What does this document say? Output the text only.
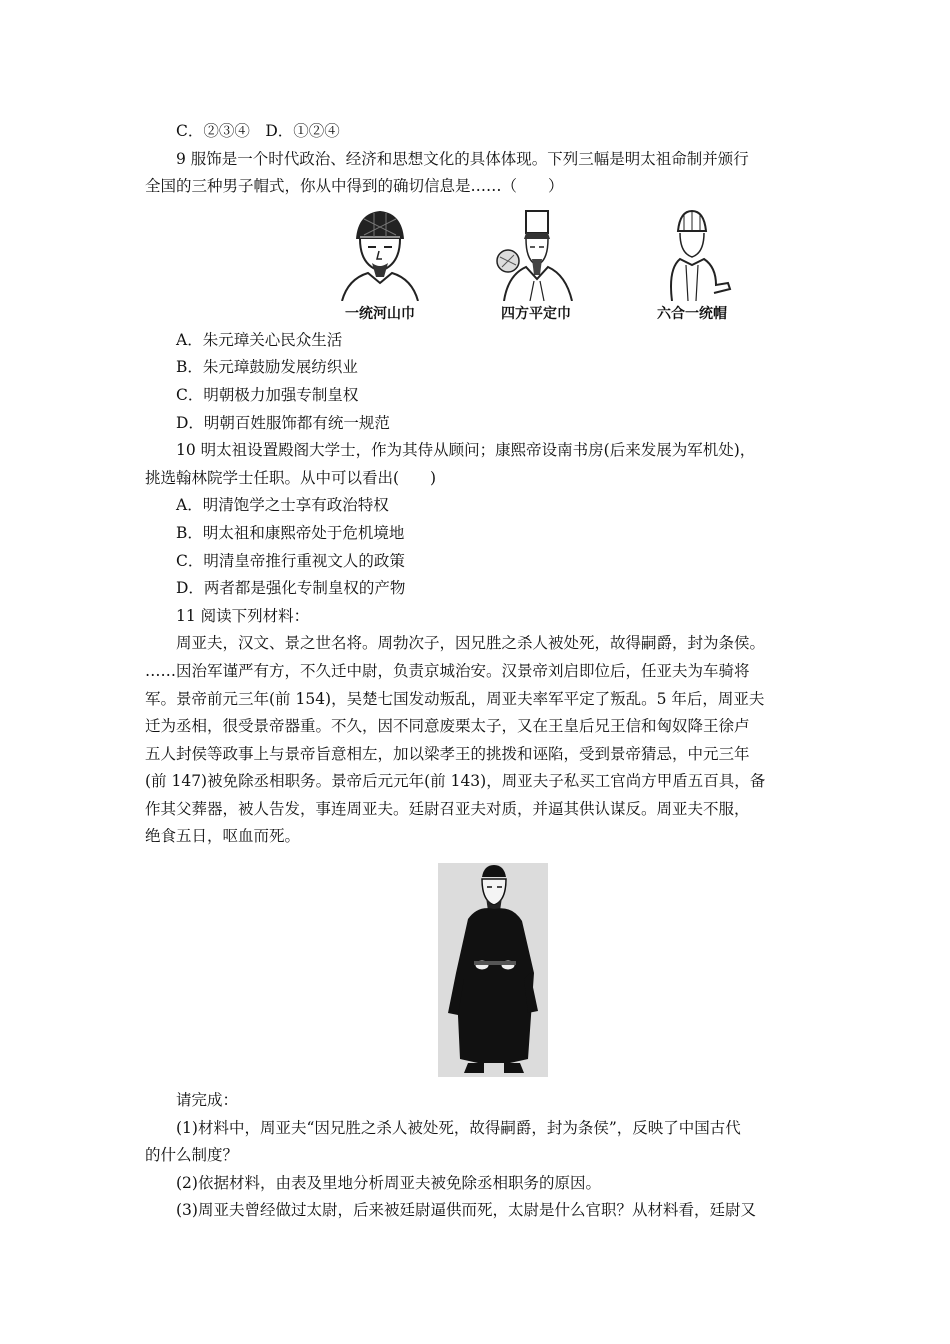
C．②③④　D．①②④
9 服饰是一个时代政治、经济和思想文化的具体体现。下列三幅是明太祖命制并颁行
全国的三种男子帽式，你从中得到的确切信息是……（　　）
一统河山巾	四方平定巾	六合一统帽
A．朱元璋关心民众生活
B．朱元璋鼓励发展纺织业
C．明朝极力加强专制皇权
D．明朝百姓服饰都有统一规范
10 明太祖设置殿阁大学士，作为其侍从顾问；康熙帝设南书房(后来发展为军机处)，
挑选翰林院学士任职。从中可以看出(　　)
A．明清饱学之士享有政治特权
B．明太祖和康熙帝处于危机境地
C．明清皇帝推行重视文人的政策
D．两者都是强化专制皇权的产物
11 阅读下列材料：
周亚夫，汉文、景之世名将。周勃次子，因兄胜之杀人被处死，故得嗣爵，封为条侯。
……因治军谨严有方，不久迁中尉，负责京城治安。汉景帝刘启即位后，任亚夫为车骑将
军。景帝前元三年(前 154)，吴楚七国发动叛乱，周亚夫率军平定了叛乱。5 年后，周亚夫
迁为丞相，很受景帝器重。不久，因不同意废栗太子，又在王皇后兄王信和匈奴降王徐卢
五人封侯等政事上与景帝旨意相左，加以梁孝王的挑拨和诬陷，受到景帝猜忌，中元三年
(前 147)被免除丞相职务。景帝后元元年(前 143)，周亚夫子私买工官尚方甲盾五百具，备
作其父葬器，被人告发，事连周亚夫。廷尉召亚夫对质，并逼其供认谋反。周亚夫不服，
绝食五日，呕血而死。
请完成：
(1)材料中，周亚夫“因兄胜之杀人被处死，故得嗣爵，封为条侯”，反映了中国古代
的什么制度？
(2)依据材料，由表及里地分析周亚夫被免除丞相职务的原因。
(3)周亚夫曾经做过太尉，后来被廷尉逼供而死，太尉是什么官职？从材料看，廷尉又
